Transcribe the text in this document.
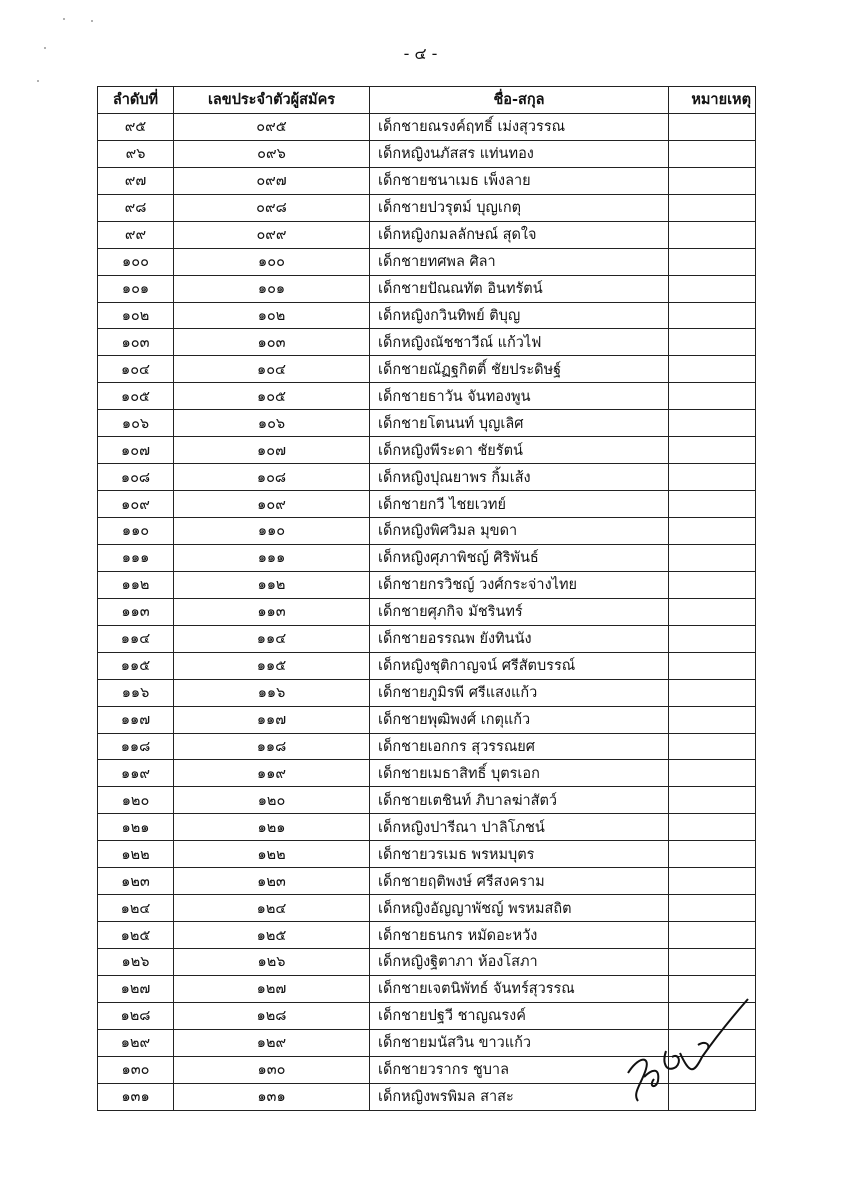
- ๔ -
ลำดับที่	เลขประจำตัวผู้สมัคร	ชื่อ-สกุล	หมายเหตุ
๙๕	๐๙๕	เด็กชายณรงค์ฤทธิ์ เม่งสุวรรณ	
๙๖	๐๙๖	เด็กหญิงนภัสสร แท่นทอง	
๙๗	๐๙๗	เด็กชายชนาเมธ เพ็งลาย	
๙๘	๐๙๘	เด็กชายปวรุตม์ บุญเกตุ	
๙๙	๐๙๙	เด็กหญิงกมลลักษณ์ สุดใจ	
๑๐๐	๑๐๐	เด็กชายทศพล ศิลา	
๑๐๑	๑๐๑	เด็กชายปัณณทัต อินทรัตน์	
๑๐๒	๑๐๒	เด็กหญิงกวินทิพย์ ติบุญ	
๑๐๓	๑๐๓	เด็กหญิงณัชชาวีณ์ แก้วไฟ	
๑๐๔	๑๐๔	เด็กชายณัฏฐกิตติ์ ชัยประดิษฐ์	
๑๐๕	๑๐๕	เด็กชายธาวัน จันทองพูน	
๑๐๖	๑๐๖	เด็กชายโตนนท์ บุญเลิศ	
๑๐๗	๑๐๗	เด็กหญิงพีระดา ชัยรัตน์	
๑๐๘	๑๐๘	เด็กหญิงปุณยาพร กิ้มเส้ง	
๑๐๙	๑๐๙	เด็กชายกวี ไชยเวทย์	
๑๑๐	๑๑๐	เด็กหญิงพิศวิมล มุขดา	
๑๑๑	๑๑๑	เด็กหญิงศุภาพิชญ์ ศิริพันธ์	
๑๑๒	๑๑๒	เด็กชายกรวิชญ์ วงศ์กระจ่างไทย	
๑๑๓	๑๑๓	เด็กชายศุภกิจ มัชรินทร์	
๑๑๔	๑๑๔	เด็กชายอรรณพ ยังทินนัง	
๑๑๕	๑๑๕	เด็กหญิงชุติกาญจน์ ศรีสัตบรรณ์	
๑๑๖	๑๑๖	เด็กชายภูมิรพี ศรีแสงแก้ว	
๑๑๗	๑๑๗	เด็กชายพุฒิพงศ์ เกตุแก้ว	
๑๑๘	๑๑๘	เด็กชายเอกกร สุวรรณยศ	
๑๑๙	๑๑๙	เด็กชายเมธาสิทธิ์ บุตรเอก	
๑๒๐	๑๒๐	เด็กชายเตชินท์ ภิบาลฆ่าสัตว์	
๑๒๑	๑๒๑	เด็กหญิงปารีณา ปาลิโภชน์	
๑๒๒	๑๒๒	เด็กชายวรเมธ พรหมบุตร	
๑๒๓	๑๒๓	เด็กชายฤติพงษ์ ศรีสงคราม	
๑๒๔	๑๒๔	เด็กหญิงอัญญาพัชญ์ พรหมสถิต	
๑๒๕	๑๒๕	เด็กชายธนกร หมัดอะหวัง	
๑๒๖	๑๒๖	เด็กหญิงฐิตาภา ห้องโสภา	
๑๒๗	๑๒๗	เด็กชายเจตนิพัทธ์ จันทร์สุวรรณ	
๑๒๘	๑๒๘	เด็กชายปฐวี ชาญณรงค์	
๑๒๙	๑๒๙	เด็กชายมนัสวิน ขาวแก้ว	
๑๓๐	๑๓๐	เด็กชายวรากร ชูบาล	
๑๓๑	๑๓๑	เด็กหญิงพรพิมล สาสะ	
